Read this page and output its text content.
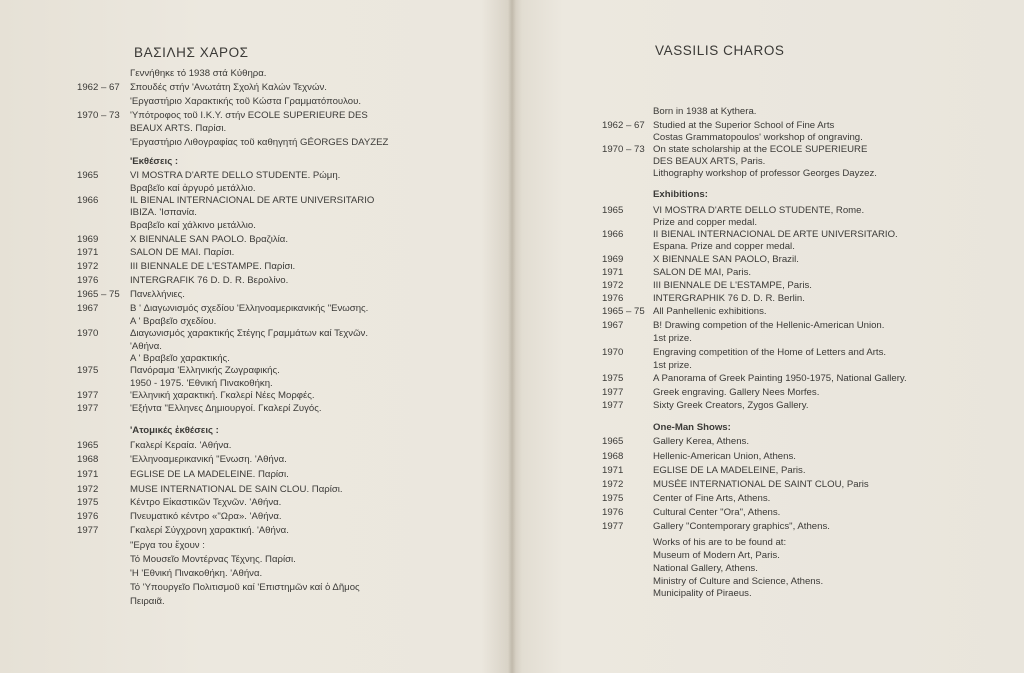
ΒΑΣΙΛΗΣ ΧΑΡΟΣ
Γεννήθηκε τό 1938 στά Κύθηρα.
1962 – 67 Σπουδές στήν 'Ανωτάτη Σχολή Καλών Τεχνών.
'Εργαστήριο Χαρακτικής τοῦ Κώστα Γραμματόπουλου.
1970 – 73 'Υπότροφος τοῦ Ι.Κ.Υ. στήν ECOLE SUPERIEURE DES
BEAUX ARTS. Παρίσι.
'Εργαστήριο Λιθογραφίας τοῦ καθηγητή GÉORGES DAYZEZ
'Εκθέσεις :
1965	VI MOSTRA D'ARTE DELLO STUDENTE. Ρώμη.
Βραβεῖο καί ἀργυρό μετάλλιο.
1966	IL BIENAL INTERNACIONAL DE ARTE UNIVERSITARIO
IBIZA. 'Ισπανία.
Βραβεῖο καί χάλκινο μετάλλιο.
1969	X BIENNALE SAN PAOLO. Βραζιλία.
1971	SALON DE MAI. Παρίσι.
1972	III BIENNALE DE L'ESTAMPE. Παρίσι.
1976	INTERGRAFIK 76 D. D. R. Βερολίνο.
1965 – 75 Πανελλήνιες.
1967	B ' Διαγωνισμός σχεδίου 'Ελληνοαμερικανικής "Ενωσης.
A ' Βραβεῖο σχεδίου.
1970	Διαγωνισμός χαρακτικής Στέγης Γραμμάτων καί Τεχνῶν.
'Αθήνα.
A ' Βραβεῖο χαρακτικής.
1975	Πανόραμα 'Ελληνικής Ζωγραφικής.
1950 - 1975. 'Εθνική Πινακοθήκη.
1977	'Ελληνική χαρακτική. Γκαλερί Νέες Μορφές.
1977	'Εξήντα "Ελληνες Δημιουργοί. Γκαλερί Ζυγός.
'Ατομικές ἐκθέσεις :
1965	Γκαλερί Κεραία. 'Αθήνα.
1968	'Ελληνοαμερικανική "Ενωση. 'Αθήνα.
1971	EGLISE DE LA MADELEINE. Παρίσι.
1972	MUSE INTERNATIONAL DE SAIN CLOU. Παρίσι.
1975	Κέντρο Εἰκαστικῶν Τεχνῶν. 'Αθήνα.
1976	Πνευματικό κέντρο «"Ωρα». 'Αθήνα.
1977	Γκαλερί Σύγχρονη χαρακτική. 'Αθήνα.
"Εργα του ἔχουν :
Τό Μουσεῖο Μοντέρνας Τέχνης. Παρίσι.
'Η 'Εθνική Πινακοθήκη. 'Αθήνα.
Τό 'Υπουργεῖο Πολιτισμοῦ καί 'Επιστημῶν καί ὁ Δῆμος
Πειραιᾶ.
VASSILIS CHAROS
Born in 1938 at Kythera.
1962 – 67 Studied at the Superior School of Fine Arts
Costas Grammatopoulos' workshop of ongraving.
1970 – 73 On state scholarship at the ECOLE SUPERIEURE
DES BEAUX ARTS, Paris.
Lithography workshop of professor Georges Dayzez.
Exhibitions:
1965	VI MOSTRA D'ARTE DELLO STUDENTE, Rome.
Prize and copper medal.
1966	II BIENAL INTERNACIONAL DE ARTE UNIVERSITARIO.
Espana. Prize and copper medal.
1969	X BIENNALE SAN PAOLO, Brazil.
1971	SALON DE MAI, Paris.
1972	III BIENNALE DE L'ESTAMPE, Paris.
1976	INTERGRAPHIK 76 D. D. R. Berlin.
1965 – 75 All Panhellenic exhibitions.
1967	B! Drawing competion of the Hellenic-American Union.
1st prize.
1970	Engraving competition of the Home of Letters and Arts.
1st prize.
1975	A Panorama of Greek Painting 1950-1975, National Gallery.
1977	Greek engraving. Gallery Nees Morfes.
1977	Sixty Greek Creators, Zygos Gallery.
One-Man Shows:
1965	Gallery Kerea, Athens.
1968	Hellenic-American Union, Athens.
1971	EGLISE DE LA MADELEINE, Paris.
1972	MUSÉE INTERNATIONAL DE SAINT CLOU, Paris
1975	Center of Fine Arts, Athens.
1976	Cultural Center "Ora", Athens.
1977	Gallery "Contemporary graphics", Athens.
Works of his are to be found at:
Museum of Modern Art, Paris.
National Gallery, Athens.
Ministry of Culture and Science, Athens.
Municipality of Piraeus.
